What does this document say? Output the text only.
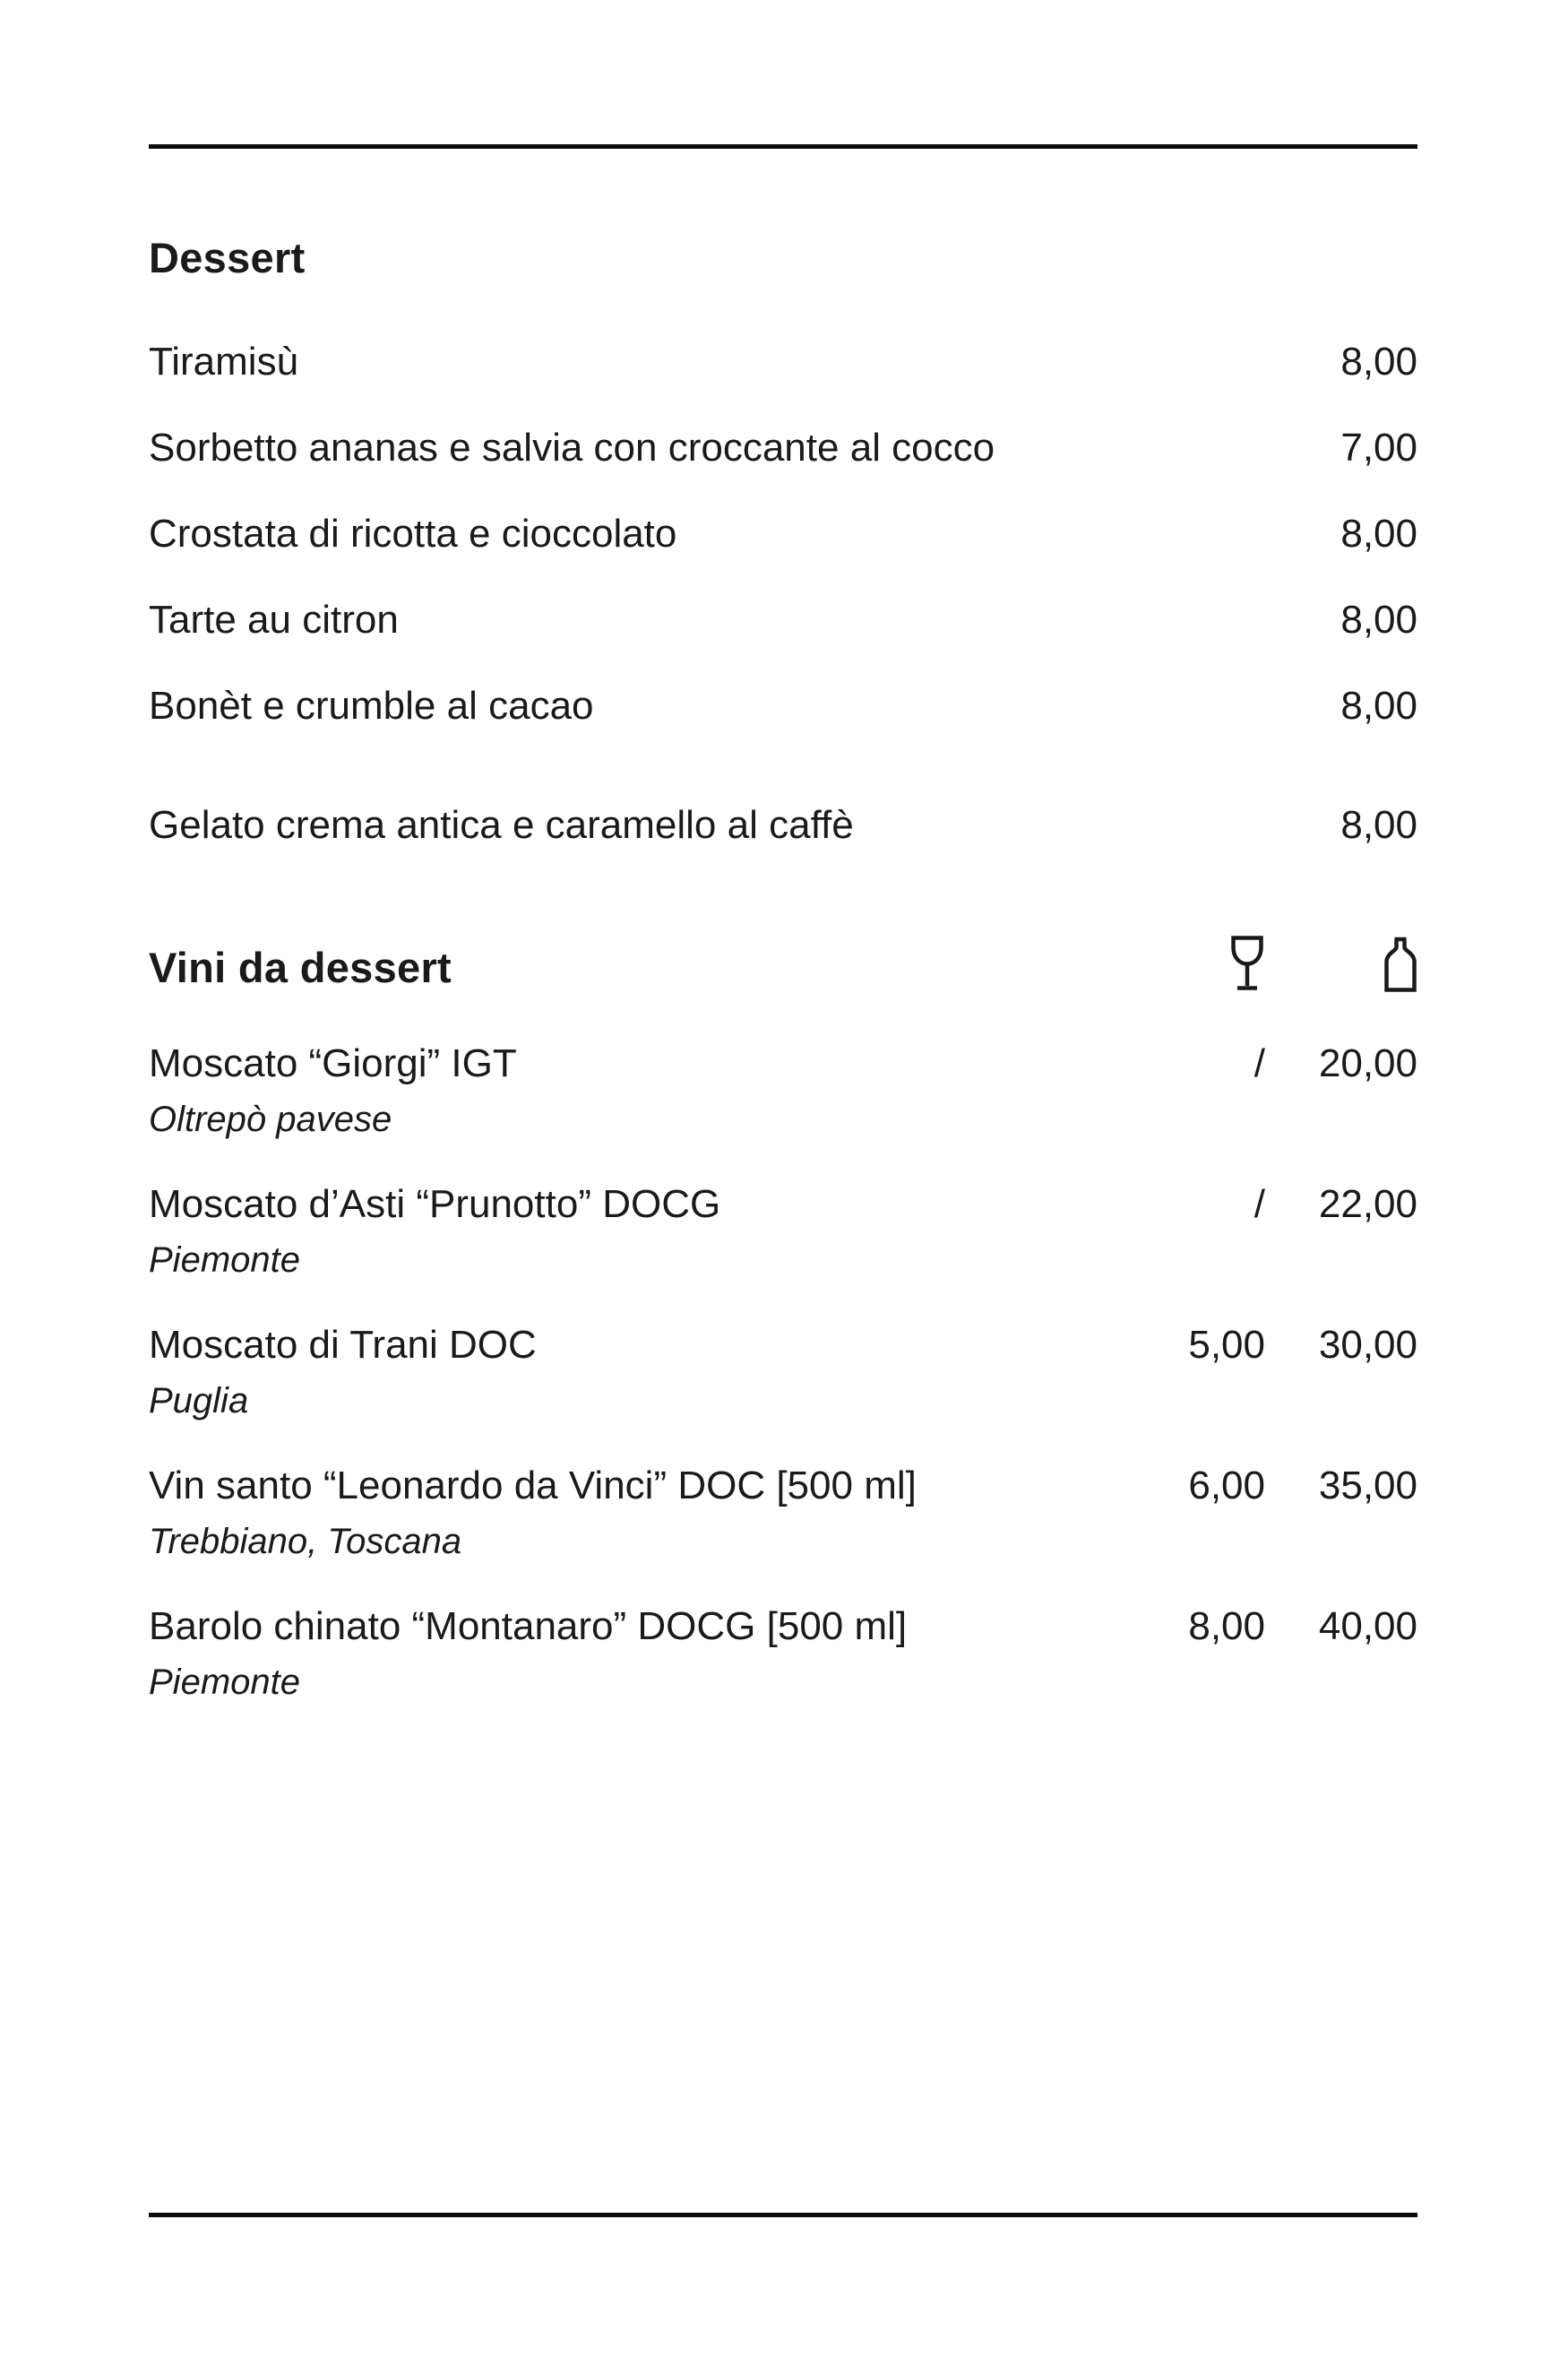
Dessert
Tiramisù	8,00
Sorbetto ananas e salvia con croccante al cocco	7,00
Crostata di ricotta e cioccolato	8,00
Tarte au citron	8,00
Bonèt e crumble al cacao	8,00
Gelato crema antica e caramello al caffè	8,00
Vini da dessert
Moscato “Giorgi” IGT	/	20,00
Oltrepò pavese
Moscato d’Asti “Prunotto” DOCG	/	22,00
Piemonte
Moscato di Trani DOC	5,00	30,00
Puglia
Vin santo “Leonardo da Vinci” DOC [500 ml]	6,00	35,00
Trebbiano, Toscana
Barolo chinato “Montanaro” DOCG [500 ml]	8,00	40,00
Piemonte
